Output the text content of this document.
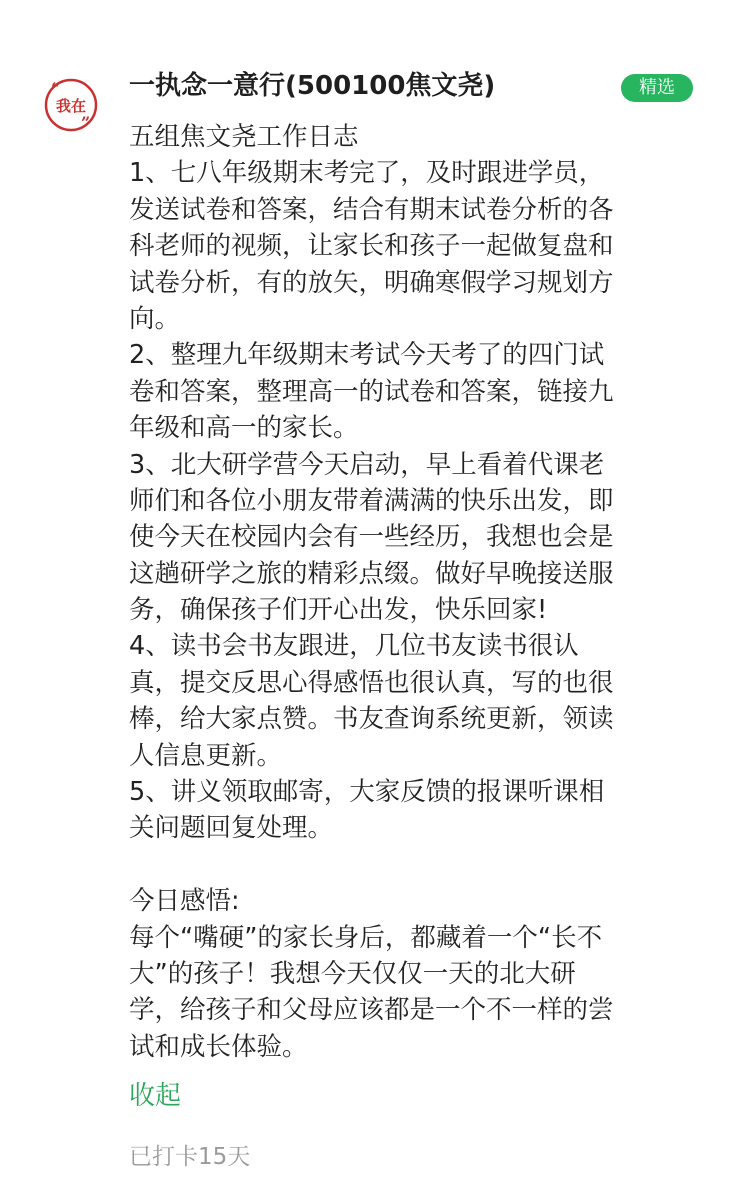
“
”
我在
一执念一意行(500100焦文尧)	精选
五组焦文尧工作日志
1、七八年级期末考完了，及时跟进学员，
发送试卷和答案，结合有期末试卷分析的各
科老师的视频，让家长和孩子一起做复盘和
试卷分析，有的放矢，明确寒假学习规划方
向。
2、整理九年级期末考试今天考了的四门试
卷和答案，整理高一的试卷和答案，链接九
年级和高一的家长。
3、北大研学营今天启动，早上看着代课老
师们和各位小朋友带着满满的快乐出发，即
使今天在校园内会有一些经历，我想也会是
这趟研学之旅的精彩点缀。做好早晚接送服
务，确保孩子们开心出发，快乐回家!
4、读书会书友跟进，几位书友读书很认
真，提交反思心得感悟也很认真，写的也很
棒，给大家点赞。书友查询系统更新，领读
人信息更新。
5、讲义领取邮寄，大家反馈的报课听课相
关问题回复处理。
今日感悟:
每个“嘴硬”的家长身后，都藏着一个“长不
大”的孩子！我想今天仅仅一天的北大研
学，给孩子和父母应该都是一个不一样的尝
试和成长体验。
收起
已打卡15天
